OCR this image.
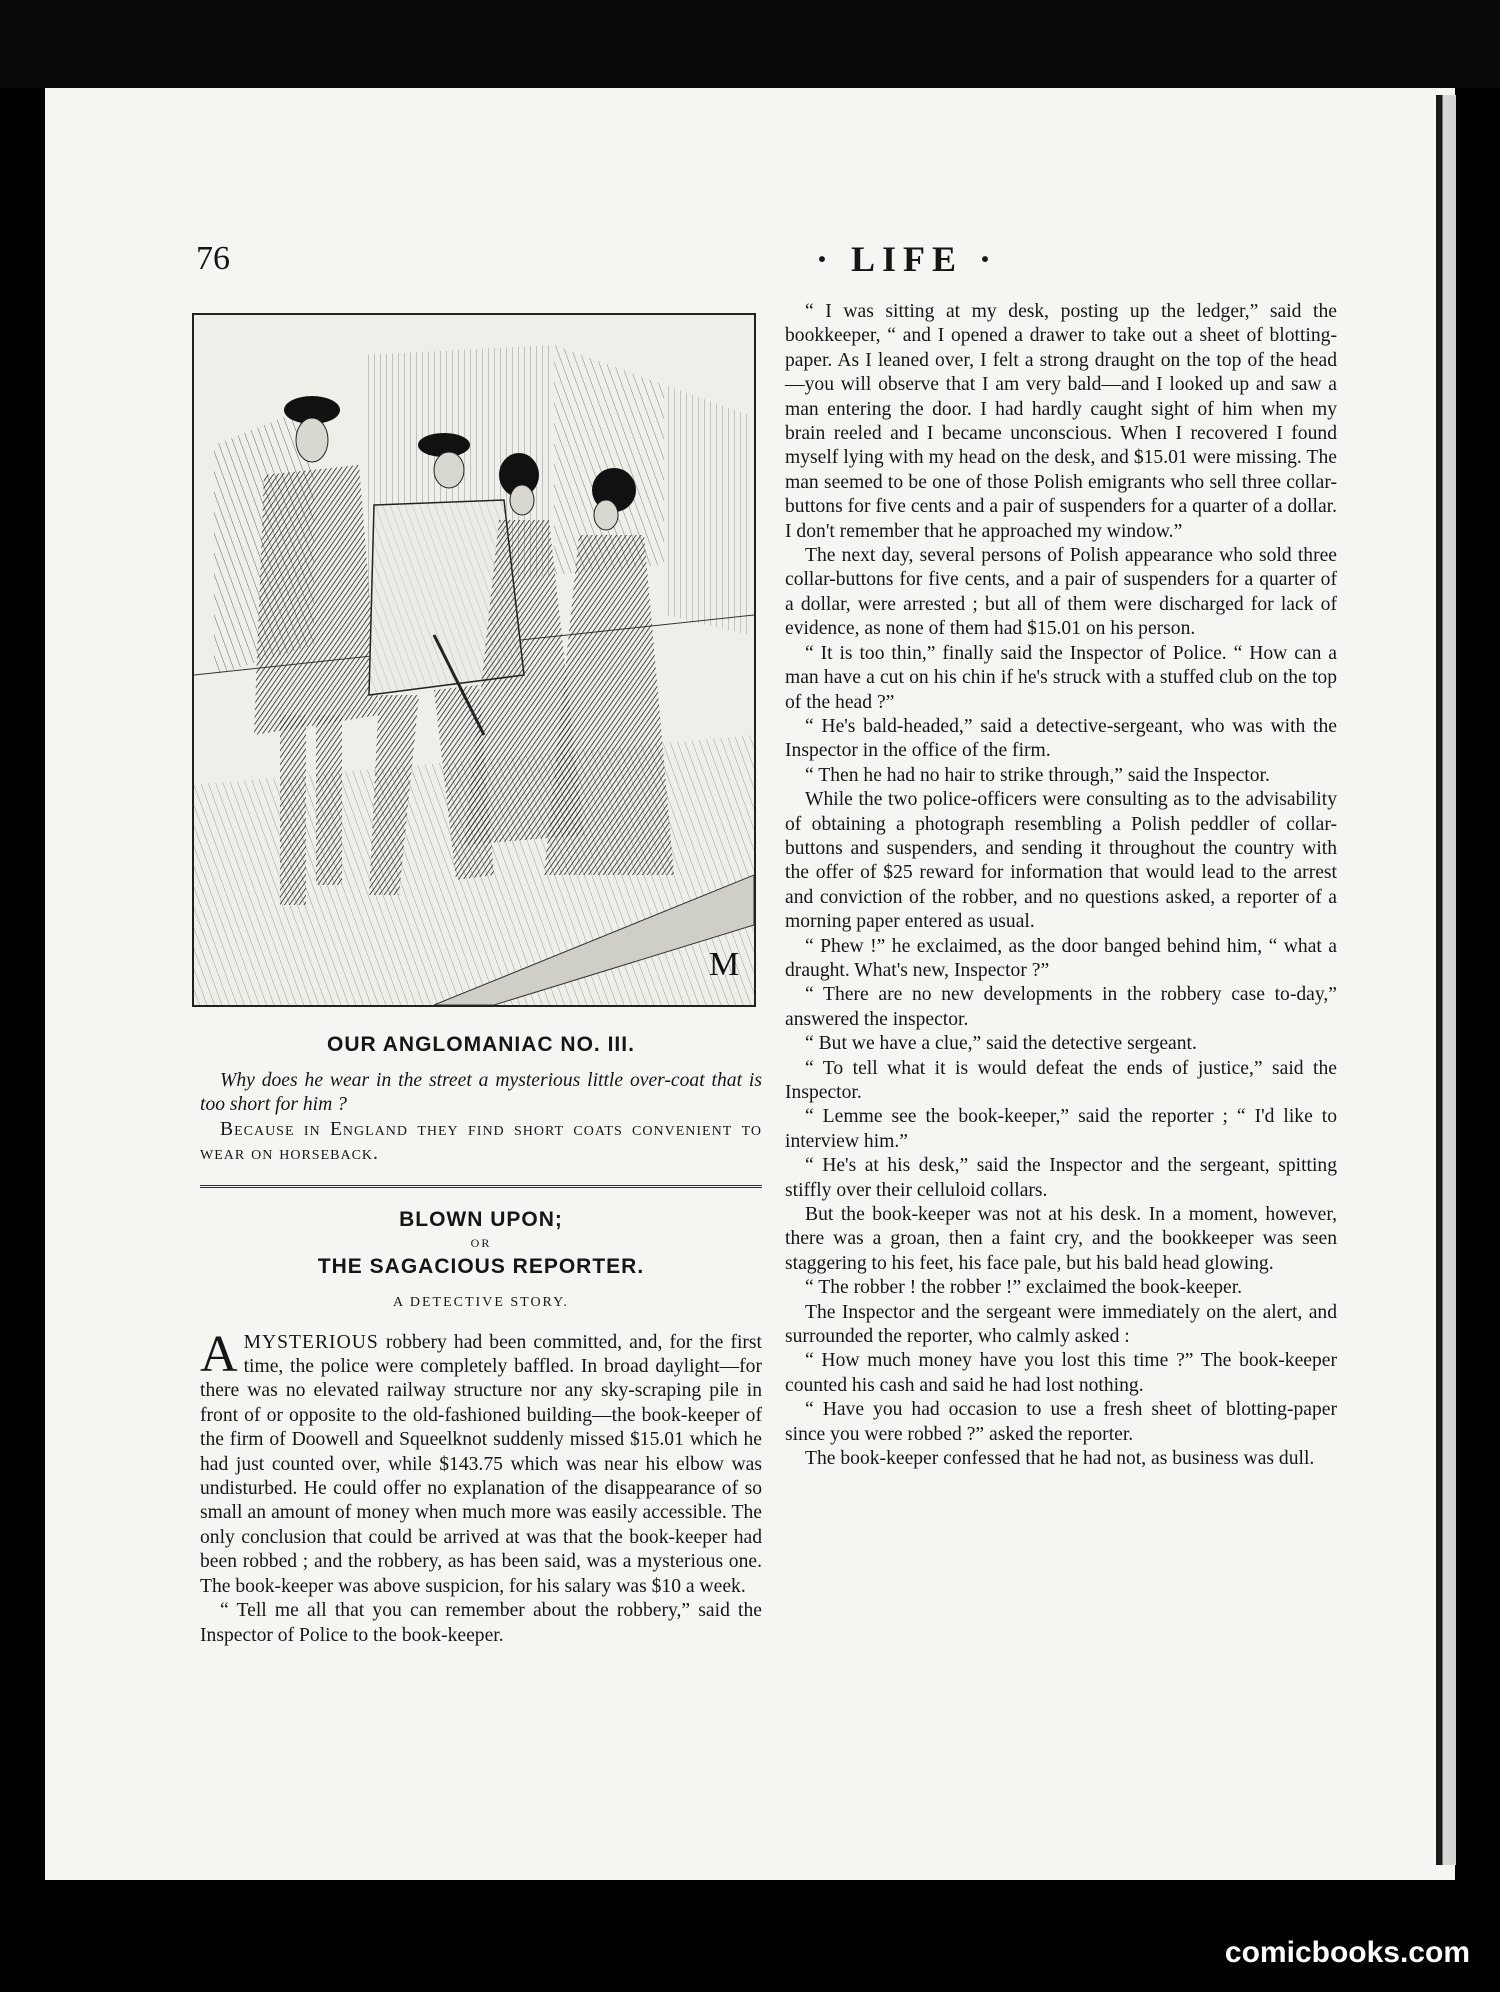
76	· LIFE ·
M
OUR ANGLOMANIAC NO. III.

Why does he wear in the street a mysterious little over-coat that is too short for him ?

Because in England they find short coats convenient to wear on horseback.

BLOWN UPON;
OR
THE SAGACIOUS REPORTER.
A DETECTIVE STORY.

AMYSTERIOUS robbery had been committed, and, for the first time, the police were completely baffled. In broad daylight—for there was no elevated railway structure nor any sky-scraping pile in front of or opposite to the old-fashioned building—the book-keeper of the firm of Doowell and Squeelknot suddenly missed $15.01 which he had just counted over, while $143.75 which was near his elbow was undisturbed. He could offer no explanation of the disappearance of so small an amount of money when much more was easily accessible. The only conclusion that could be arrived at was that the book-keeper had been robbed ; and the robbery, as has been said, was a mysterious one. The book-keeper was above suspicion, for his salary was $10 a week.

“ Tell me all that you can remember about the robbery,” said the Inspector of Police to the book-keeper.

“ I was sitting at my desk, posting up the ledger,” said the bookkeeper, “ and I opened a drawer to take out a sheet of blotting-paper. As I leaned over, I felt a strong draught on the top of the head—you will observe that I am very bald—and I looked up and saw a man entering the door. I had hardly caught sight of him when my brain reeled and I became unconscious. When I recovered I found myself lying with my head on the desk, and $15.01 were missing. The man seemed to be one of those Polish emigrants who sell three collar-buttons for five cents and a pair of suspenders for a quarter of a dollar. I don't remember that he approached my window.”

The next day, several persons of Polish appearance who sold three collar-buttons for five cents, and a pair of suspenders for a quarter of a dollar, were arrested ; but all of them were discharged for lack of evidence, as none of them had $15.01 on his person.

“ It is too thin,” finally said the Inspector of Police. “ How can a man have a cut on his chin if he's struck with a stuffed club on the top of the head ?”

“ He's bald-headed,” said a detective-sergeant, who was with the Inspector in the office of the firm.

“ Then he had no hair to strike through,” said the Inspector.

While the two police-officers were consulting as to the advisability of obtaining a photograph resembling a Polish peddler of collar-buttons and suspenders, and sending it throughout the country with the offer of $25 reward for information that would lead to the arrest and conviction of the robber, and no questions asked, a reporter of a morning paper entered as usual.

“ Phew !” he exclaimed, as the door banged behind him, “ what a draught. What's new, Inspector ?”

“ There are no new developments in the robbery case to-day,” answered the inspector.

“ But we have a clue,” said the detective sergeant.

“ To tell what it is would defeat the ends of justice,” said the Inspector.

“ Lemme see the book-keeper,” said the reporter ; “ I'd like to interview him.”

“ He's at his desk,” said the Inspector and the sergeant, spitting stiffly over their celluloid collars.

But the book-keeper was not at his desk. In a moment, however, there was a groan, then a faint cry, and the bookkeeper was seen staggering to his feet, his face pale, but his bald head glowing.

“ The robber ! the robber !” exclaimed the book-keeper.

The Inspector and the sergeant were immediately on the alert, and surrounded the reporter, who calmly asked :

“ How much money have you lost this time ?” The book-keeper counted his cash and said he had lost nothing.

“ Have you had occasion to use a fresh sheet of blotting-paper since you were robbed ?” asked the reporter.

The book-keeper confessed that he had not, as business was dull.

comicbooks.com
